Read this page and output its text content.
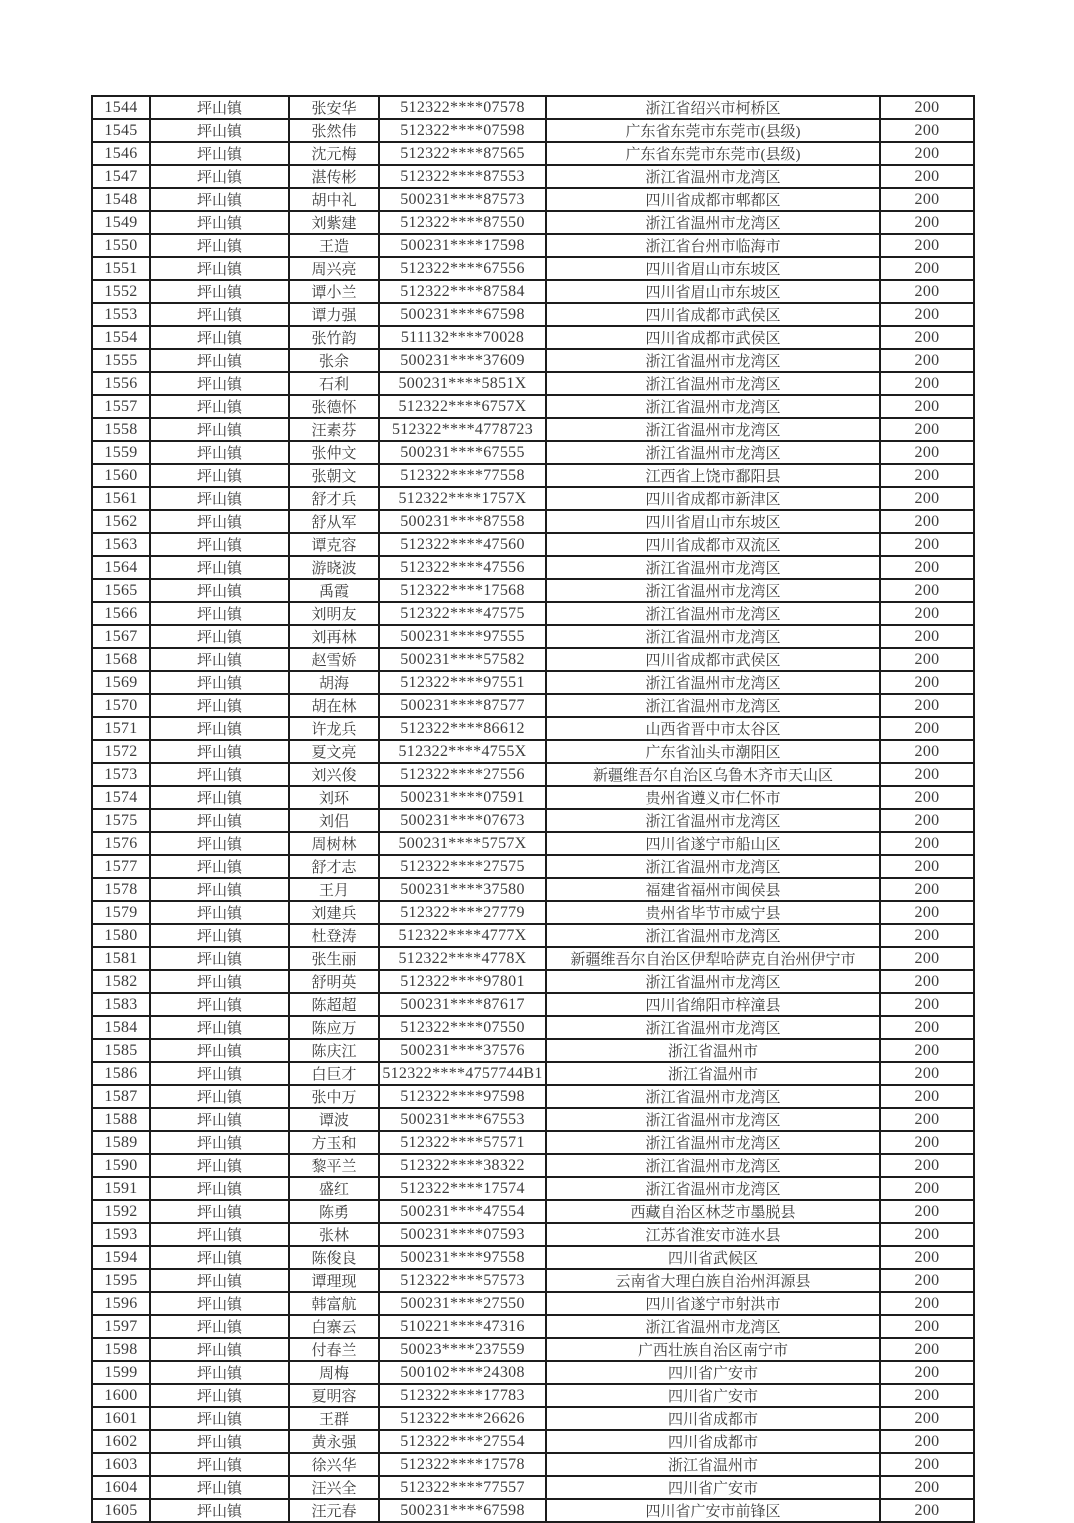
1544	坪山镇	张安华	512322****07578	浙江省绍兴市柯桥区	200
1545	坪山镇	张然伟	512322****07598	广东省东莞市东莞市(县级)	200
1546	坪山镇	沈元梅	512322****87565	广东省东莞市东莞市(县级)	200
1547	坪山镇	湛传彬	512322****87553	浙江省温州市龙湾区	200
1548	坪山镇	胡中礼	500231****87573	四川省成都市郫都区	200
1549	坪山镇	刘紫建	512322****87550	浙江省温州市龙湾区	200
1550	坪山镇	王造	500231****17598	浙江省台州市临海市	200
1551	坪山镇	周兴亮	512322****67556	四川省眉山市东坡区	200
1552	坪山镇	谭小兰	512322****87584	四川省眉山市东坡区	200
1553	坪山镇	谭力强	500231****67598	四川省成都市武侯区	200
1554	坪山镇	张竹韵	511132****70028	四川省成都市武侯区	200
1555	坪山镇	张余	500231****37609	浙江省温州市龙湾区	200
1556	坪山镇	石利	500231****5851X	浙江省温州市龙湾区	200
1557	坪山镇	张德怀	512322****6757X	浙江省温州市龙湾区	200
1558	坪山镇	汪素芬	512322****4778723	浙江省温州市龙湾区	200
1559	坪山镇	张仲文	500231****67555	浙江省温州市龙湾区	200
1560	坪山镇	张朝文	512322****77558	江西省上饶市鄱阳县	200
1561	坪山镇	舒才兵	512322****1757X	四川省成都市新津区	200
1562	坪山镇	舒从军	500231****87558	四川省眉山市东坡区	200
1563	坪山镇	谭克容	512322****47560	四川省成都市双流区	200
1564	坪山镇	游晓波	512322****47556	浙江省温州市龙湾区	200
1565	坪山镇	禹霞	512322****17568	浙江省温州市龙湾区	200
1566	坪山镇	刘明友	512322****47575	浙江省温州市龙湾区	200
1567	坪山镇	刘再林	500231****97555	浙江省温州市龙湾区	200
1568	坪山镇	赵雪娇	500231****57582	四川省成都市武侯区	200
1569	坪山镇	胡海	512322****97551	浙江省温州市龙湾区	200
1570	坪山镇	胡在林	500231****87577	浙江省温州市龙湾区	200
1571	坪山镇	许龙兵	512322****86612	山西省晋中市太谷区	200
1572	坪山镇	夏文亮	512322****4755X	广东省汕头市潮阳区	200
1573	坪山镇	刘兴俊	512322****27556	新疆维吾尔自治区乌鲁木齐市天山区	200
1574	坪山镇	刘环	500231****07591	贵州省遵义市仁怀市	200
1575	坪山镇	刘侣	500231****07673	浙江省温州市龙湾区	200
1576	坪山镇	周树林	500231****5757X	四川省遂宁市船山区	200
1577	坪山镇	舒才志	512322****27575	浙江省温州市龙湾区	200
1578	坪山镇	王月	500231****37580	福建省福州市闽侯县	200
1579	坪山镇	刘建兵	512322****27779	贵州省毕节市威宁县	200
1580	坪山镇	杜登涛	512322****4777X	浙江省温州市龙湾区	200
1581	坪山镇	张生丽	512322****4778X	新疆维吾尔自治区伊犁哈萨克自治州伊宁市	200
1582	坪山镇	舒明英	512322****97801	浙江省温州市龙湾区	200
1583	坪山镇	陈超超	500231****87617	四川省绵阳市梓潼县	200
1584	坪山镇	陈应万	512322****07550	浙江省温州市龙湾区	200
1585	坪山镇	陈庆江	500231****37576	浙江省温州市	200
1586	坪山镇	白巨才	512322****4757744B1	浙江省温州市	200
1587	坪山镇	张中万	512322****97598	浙江省温州市龙湾区	200
1588	坪山镇	谭波	500231****67553	浙江省温州市龙湾区	200
1589	坪山镇	方玉和	512322****57571	浙江省温州市龙湾区	200
1590	坪山镇	黎平兰	512322****38322	浙江省温州市龙湾区	200
1591	坪山镇	盛红	512322****17574	浙江省温州市龙湾区	200
1592	坪山镇	陈勇	500231****47554	西藏自治区林芝市墨脱县	200
1593	坪山镇	张林	500231****07593	江苏省淮安市涟水县	200
1594	坪山镇	陈俊良	500231****97558	四川省武候区	200
1595	坪山镇	谭理现	512322****57573	云南省大理白族自治州洱源县	200
1596	坪山镇	韩富航	500231****27550	四川省遂宁市射洪市	200
1597	坪山镇	白寨云	510221****47316	浙江省温州市龙湾区	200
1598	坪山镇	付春兰	50023****237559	广西壮族自治区南宁市	200
1599	坪山镇	周梅	500102****24308	四川省广安市	200
1600	坪山镇	夏明容	512322****17783	四川省广安市	200
1601	坪山镇	王群	512322****26626	四川省成都市	200
1602	坪山镇	黄永强	512322****27554	四川省成都市	200
1603	坪山镇	徐兴华	512322****17578	浙江省温州市	200
1604	坪山镇	汪兴全	512322****77557	四川省广安市	200
1605	坪山镇	汪元春	500231****67598	四川省广安市前锋区	200
